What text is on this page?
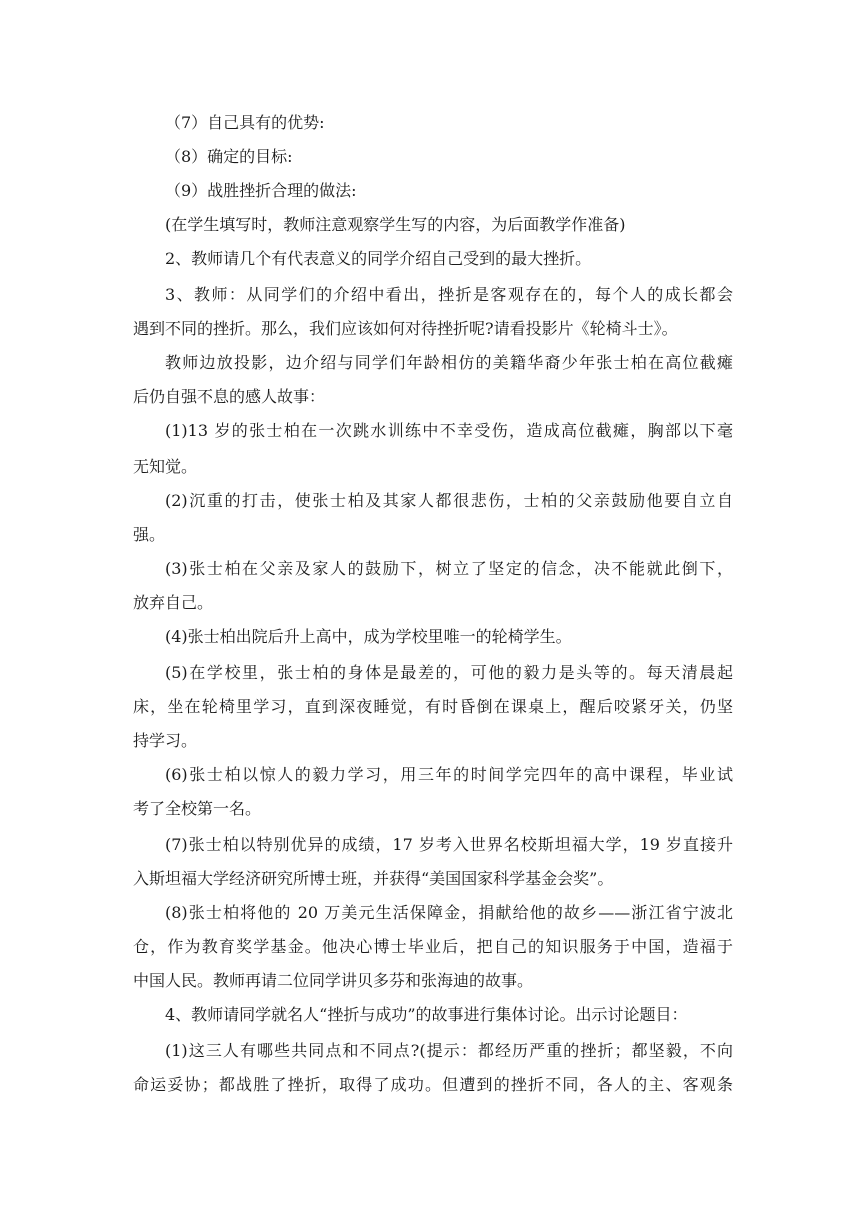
（7）自己具有的优势:
（8）确定的目标:
（9）战胜挫折合理的做法:
(在学生填写时，教师注意观察学生写的内容，为后面教学作准备)
2、教师请几个有代表意义的同学介绍自己受到的最大挫折。
3、教师：从同学们的介绍中看出，挫折是客观存在的，每个人的成长都会
遇到不同的挫折。那么，我们应该如何对待挫折呢?请看投影片《轮椅斗士》。
教师边放投影，边介绍与同学们年龄相仿的美籍华裔少年张士柏在高位截瘫
后仍自强不息的感人故事：
(1)13 岁的张士柏在一次跳水训练中不幸受伤，造成高位截瘫，胸部以下毫
无知觉。
(2)沉重的打击，使张士柏及其家人都很悲伤，士柏的父亲鼓励他要自立自
强。
(3)张士柏在父亲及家人的鼓励下，树立了坚定的信念，决不能就此倒下，
放弃自己。
(4)张士柏出院后升上高中，成为学校里唯一的轮椅学生。
(5)在学校里，张士柏的身体是最差的，可他的毅力是头等的。每天清晨起
床，坐在轮椅里学习，直到深夜睡觉，有时昏倒在课桌上，醒后咬紧牙关，仍坚
持学习。
(6)张士柏以惊人的毅力学习，用三年的时间学完四年的高中课程，毕业试
考了全校第一名。
(7)张士柏以特别优异的成绩，17 岁考入世界名校斯坦福大学，19 岁直接升
入斯坦福大学经济研究所博士班，并获得“美国国家科学基金会奖”。
(8)张士柏将他的 20 万美元生活保障金，捐献给他的故乡——浙江省宁波北
仓，作为教育奖学基金。他决心博士毕业后，把自己的知识服务于中国，造福于
中国人民。教师再请二位同学讲贝多芬和张海迪的故事。
4、教师请同学就名人“挫折与成功”的故事进行集体讨论。出示讨论题目：
(1)这三人有哪些共同点和不同点?(提示：都经历严重的挫折；都坚毅，不向
命运妥协；都战胜了挫折，取得了成功。但遭到的挫折不同，各人的主、客观条
